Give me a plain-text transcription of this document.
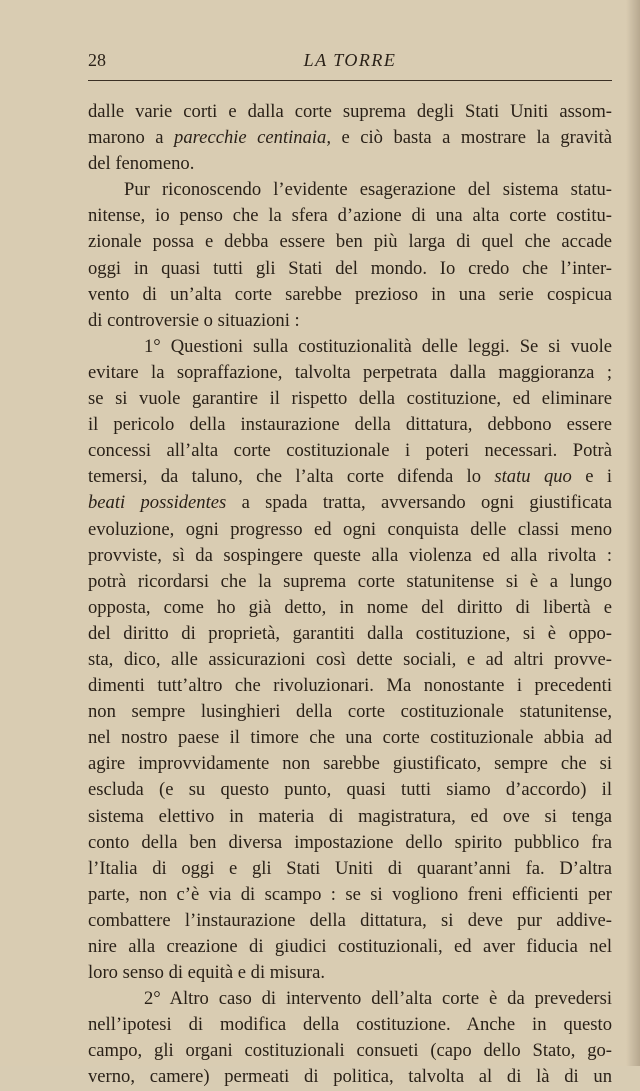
28	LA TORRE
dalle varie corti e dalla corte suprema degli Stati Uniti assom-
marono a parecchie centinaia, e ciò basta a mostrare la gravità
del fenomeno.
Pur riconoscendo l’evidente esagerazione del sistema statu-
nitense, io penso che la sfera d’azione di una alta corte costitu-
zionale possa e debba essere ben più larga di quel che accade
oggi in quasi tutti gli Stati del mondo. Io credo che l’inter-
vento di un’alta corte sarebbe prezioso in una serie cospicua
di controversie o situazioni :
1° Questioni sulla costituzionalità delle leggi. Se si vuole
evitare la sopraffazione, talvolta perpetrata dalla maggioranza ;
se si vuole garantire il rispetto della costituzione, ed eliminare
il pericolo della instaurazione della dittatura, debbono essere
concessi all’alta corte costituzionale i poteri necessari. Potrà
temersi, da taluno, che l’alta corte difenda lo statu quo e i
beati possidentes a spada tratta, avversando ogni giustificata
evoluzione, ogni progresso ed ogni conquista delle classi meno
provviste, sì da sospingere queste alla violenza ed alla rivolta :
potrà ricordarsi che la suprema corte statunitense si è a lungo
opposta, come ho già detto, in nome del diritto di libertà e
del diritto di proprietà, garantiti dalla costituzione, si è oppo-
sta, dico, alle assicurazioni così dette sociali, e ad altri provve-
dimenti tutt’altro che rivoluzionari. Ma nonostante i precedenti
non sempre lusinghieri della corte costituzionale statunitense,
nel nostro paese il timore che una corte costituzionale abbia ad
agire improvvidamente non sarebbe giustificato, sempre che si
escluda (e su questo punto, quasi tutti siamo d’accordo) il
sistema elettivo in materia di magistratura, ed ove si tenga
conto della ben diversa impostazione dello spirito pubblico fra
l’Italia di oggi e gli Stati Uniti di quarant’anni fa. D’altra
parte, non c’è via di scampo : se si vogliono freni efficienti per
combattere l’instaurazione della dittatura, si deve pur addive-
nire alla creazione di giudici costituzionali, ed aver fiducia nel
loro senso di equità e di misura.
2° Altro caso di intervento dell’alta corte è da prevedersi
nell’ipotesi di modifica della costituzione. Anche in questo
campo, gli organi costituzionali consueti (capo dello Stato, go-
verno, camere) permeati di politica, talvolta al di là di un
